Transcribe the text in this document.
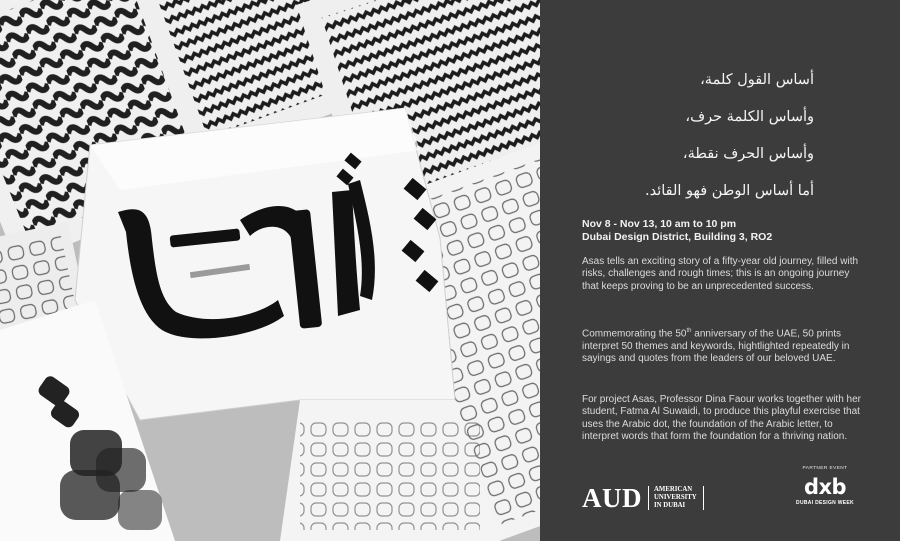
أساس القول كلمة،
وأساس الكلمة حرف،
وأساس الحرف نقطة،
أما أساس الوطن فهو القائد.
Nov 8 - Nov 13, 10 am to 10 pm
Dubai Design District, Building 3, RO2
Asas tells an exciting story of a fifty-year old journey, filled with risks, challenges and rough times; this is an ongoing journey that keeps proving to be an unprecedented success.
Commemorating the 50th anniversary of the UAE, 50 prints interpret 50 themes and keywords, hightlighted repeatedly in sayings and quotes from the leaders of our beloved UAE.
For project Asas, Professor Dina Faour works together with her student, Fatma Al Suwaidi, to produce this playful exercise that uses the Arabic dot, the foundation of the Arabic letter, to interpret words that form the foundation for a thriving nation.
AUD AMERICAN
UNIVERSITY
IN DUBAI
PARTNER EVENT
dxb
DUBAI DESIGN WEEK
